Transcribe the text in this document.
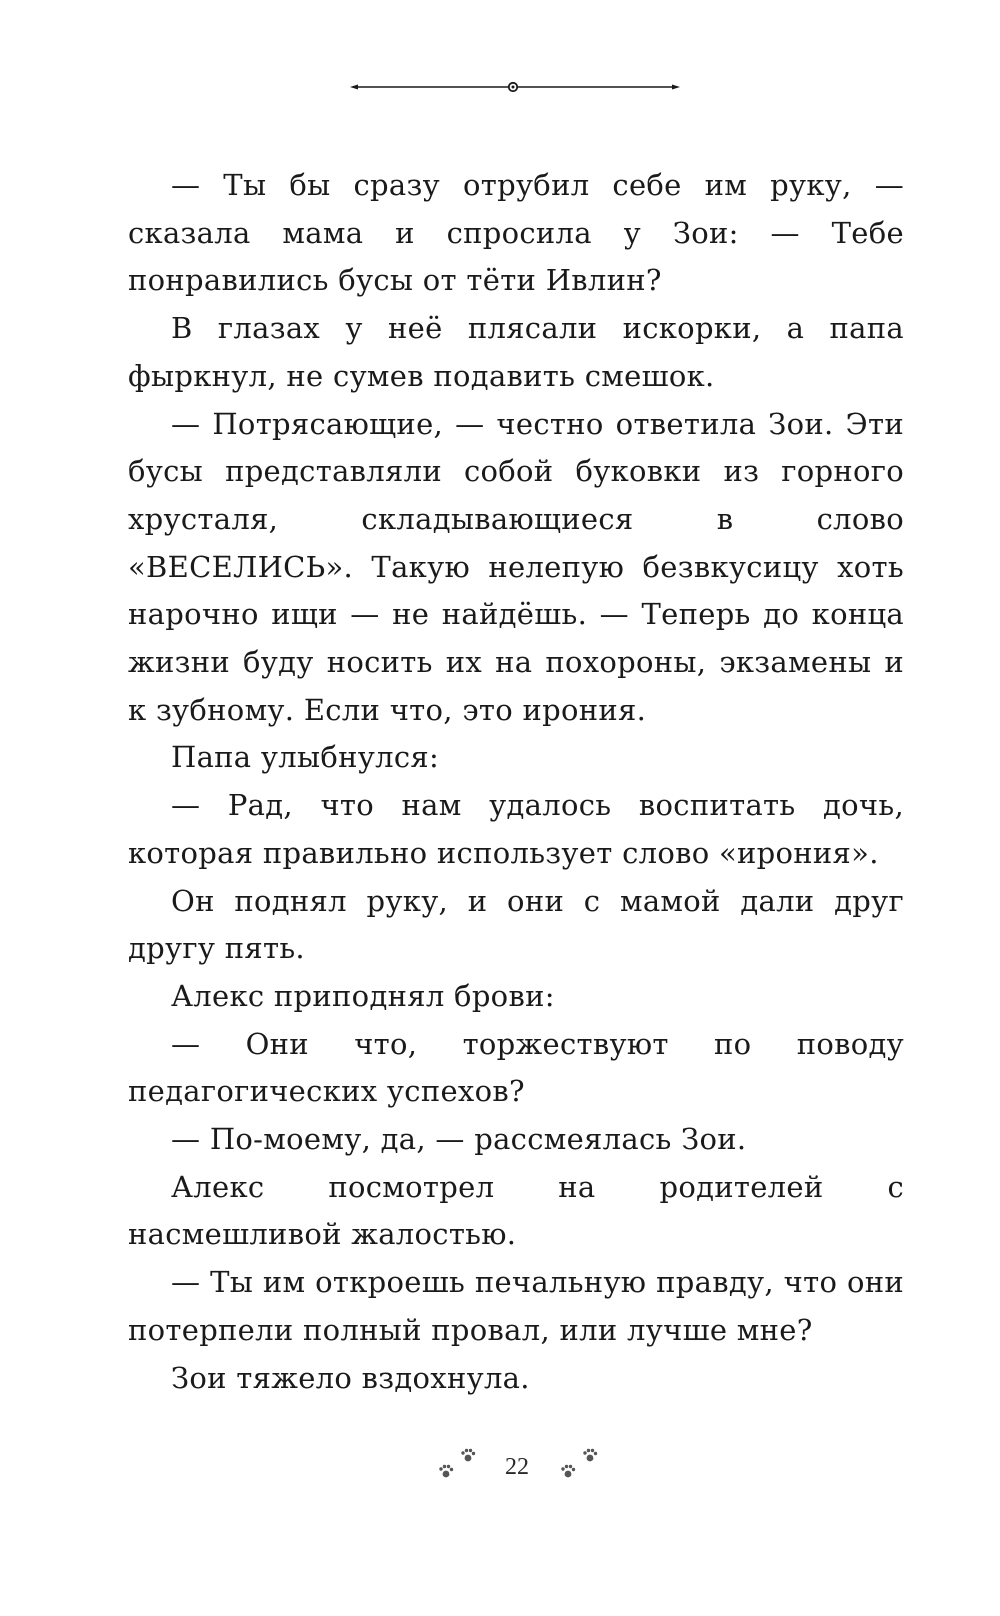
— Ты бы сразу отрубил себе им руку, — сказала мама и спросила у Зои: — Тебе понравились бусы от тёти Ивлин?

В глазах у неё плясали искорки, а папа фыркнул, не сумев подавить смешок.

— Потрясающие, — честно ответила Зои. Эти бусы представляли собой буковки из горного хрусталя, складывающиеся в слово «ВЕСЕЛИСЬ». Такую нелепую безвкусицу хоть нарочно ищи — не найдёшь. — Теперь до конца жизни буду носить их на похороны, экзамены и к зубному. Если что, это ирония.

Папа улыбнулся:

— Рад, что нам удалось воспитать дочь, которая правильно использует слово «ирония».

Он поднял руку, и они с мамой дали друг другу пять.

Алекс приподнял брови:

— Они что, торжествуют по поводу педагогических успехов?

— По-моему, да, — рассмеялась Зои.

Алекс посмотрел на родителей с насмешливой жалостью.

— Ты им откроешь печальную правду, что они потерпели полный провал, или лучше мне?

Зои тяжело вздохнула.

22
